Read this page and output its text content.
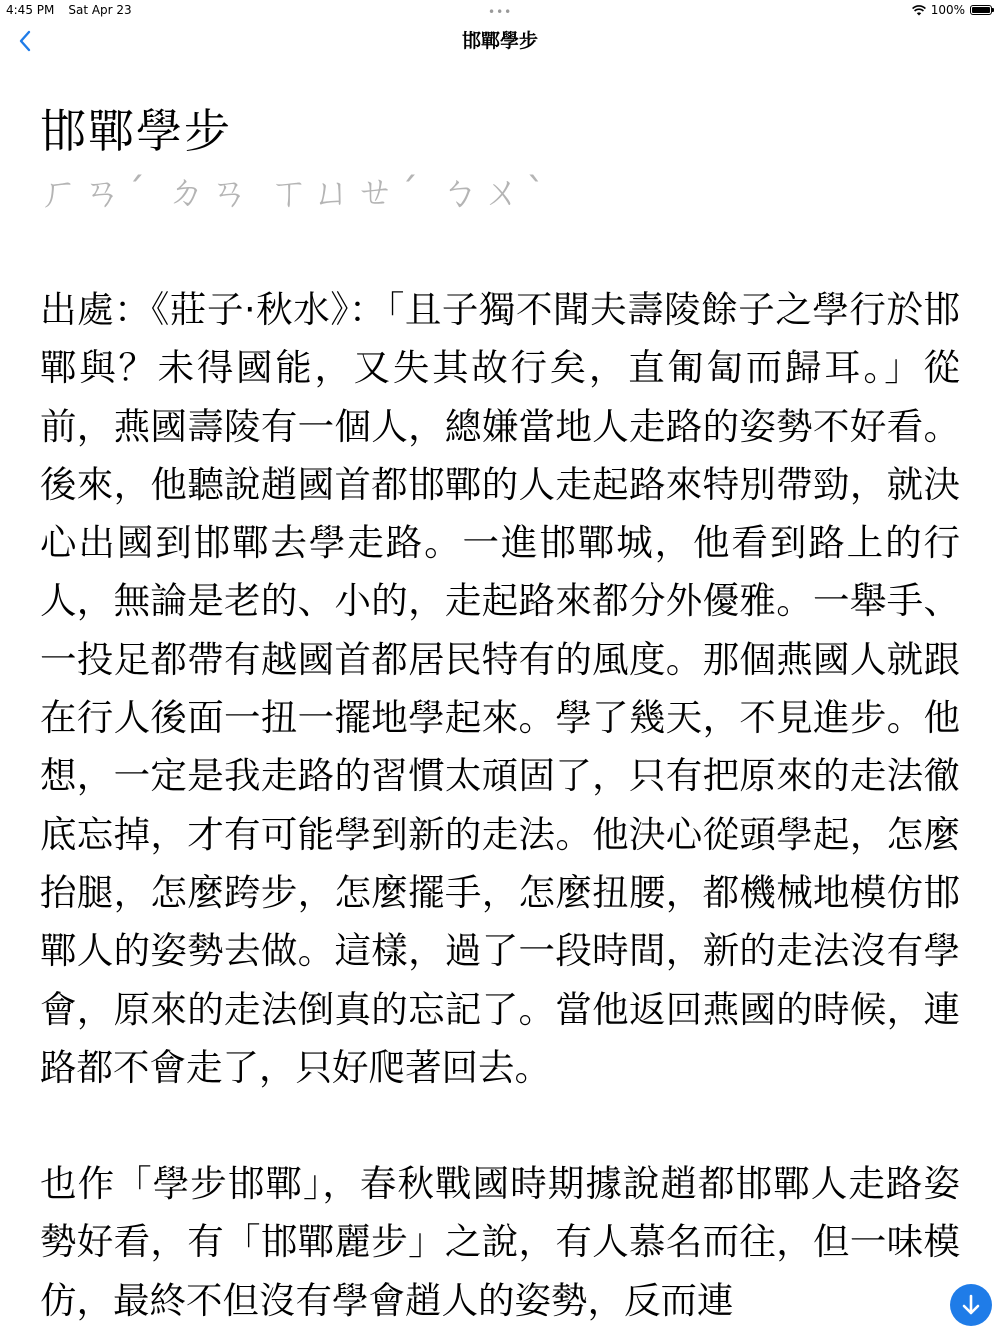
4:45 PM Sat Apr 23	•••	100%
邯鄲學步
邯鄲學步
ㄏㄢˊ ㄉㄢ ㄒㄩㄝˊ ㄅㄨˋ

出處：《莊子·秋水》：「且子獨不聞夫壽陵餘子之學行於邯鄲與？未得國能，又失其故行矣，直匍匐而歸耳。」從前，燕國壽陵有一個人，總嫌當地人走路的姿勢不好看。後來，他聽說趙國首都邯鄲的人走起路來特別帶勁，就決心出國到邯鄲去學走路。一進邯鄲城，他看到路上的行人，無論是老的、小的，走起路來都分外優雅。一舉手、一投足都帶有越國首都居民特有的風度。那個燕國人就跟在行人後面一扭一擺地學起來。學了幾天，不見進步。他想，一定是我走路的習慣太頑固了，只有把原來的走法徹底忘掉，才有可能學到新的走法。他決心從頭學起，怎麼抬腿，怎麼跨步，怎麼擺手，怎麼扭腰，都機械地模仿邯鄲人的姿勢去做。這樣，過了一段時間，新的走法沒有學會，原來的走法倒真的忘記了。當他返回燕國的時候，連路都不會走了，只好爬著回去。

也作「學步邯鄲」，春秋戰國時期據說趙都邯鄲人走路姿勢好看，有「邯鄲麗步」之說，有人慕名而往，但一味模仿，最終不但沒有學會趙人的姿勢，反而連
